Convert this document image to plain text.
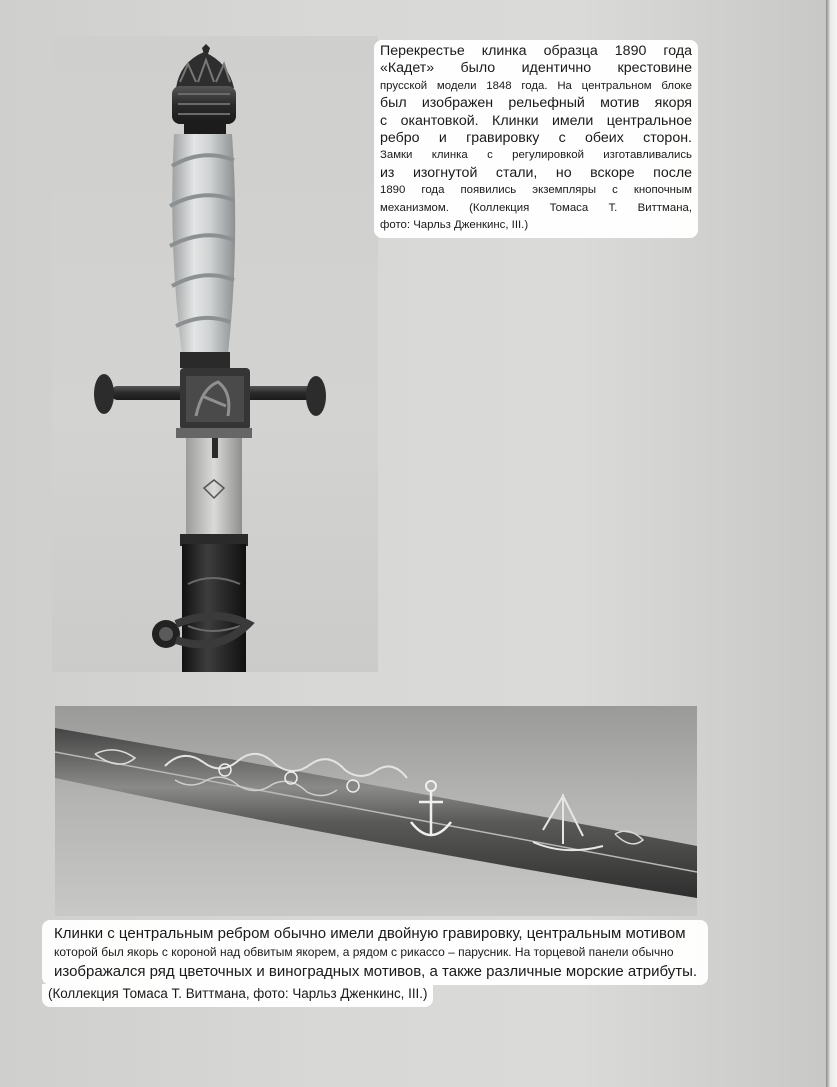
Перекрестье клинка образца 1890 года
«Кадет» было идентично крестовине
прусской модели 1848 года. На центральном блоке
был изображен рельефный мотив якоря
с окантовкой. Клинки имели центральное
ребро и гравировку с обеих сторон.
Замки клинка с регулировкой изготавливались
из изогнутой стали, но вскоре после
1890 года появились экземпляры с кнопочным
механизмом. (Коллекция Томаса Т. Виттмана,
фото: Чарльз Дженкинс, III.)
Клинки с центральным ребром обычно имели двойную гравировку, центральным мотивом
которой был якорь с короной над обвитым якорем, а рядом с рикассо – парусник. На торцевой панели обычно
изображался ряд цветочных и виноградных мотивов, а также различные морские атрибуты.
(Коллекция Томаса Т. Виттмана, фото: Чарльз Дженкинс, III.)
